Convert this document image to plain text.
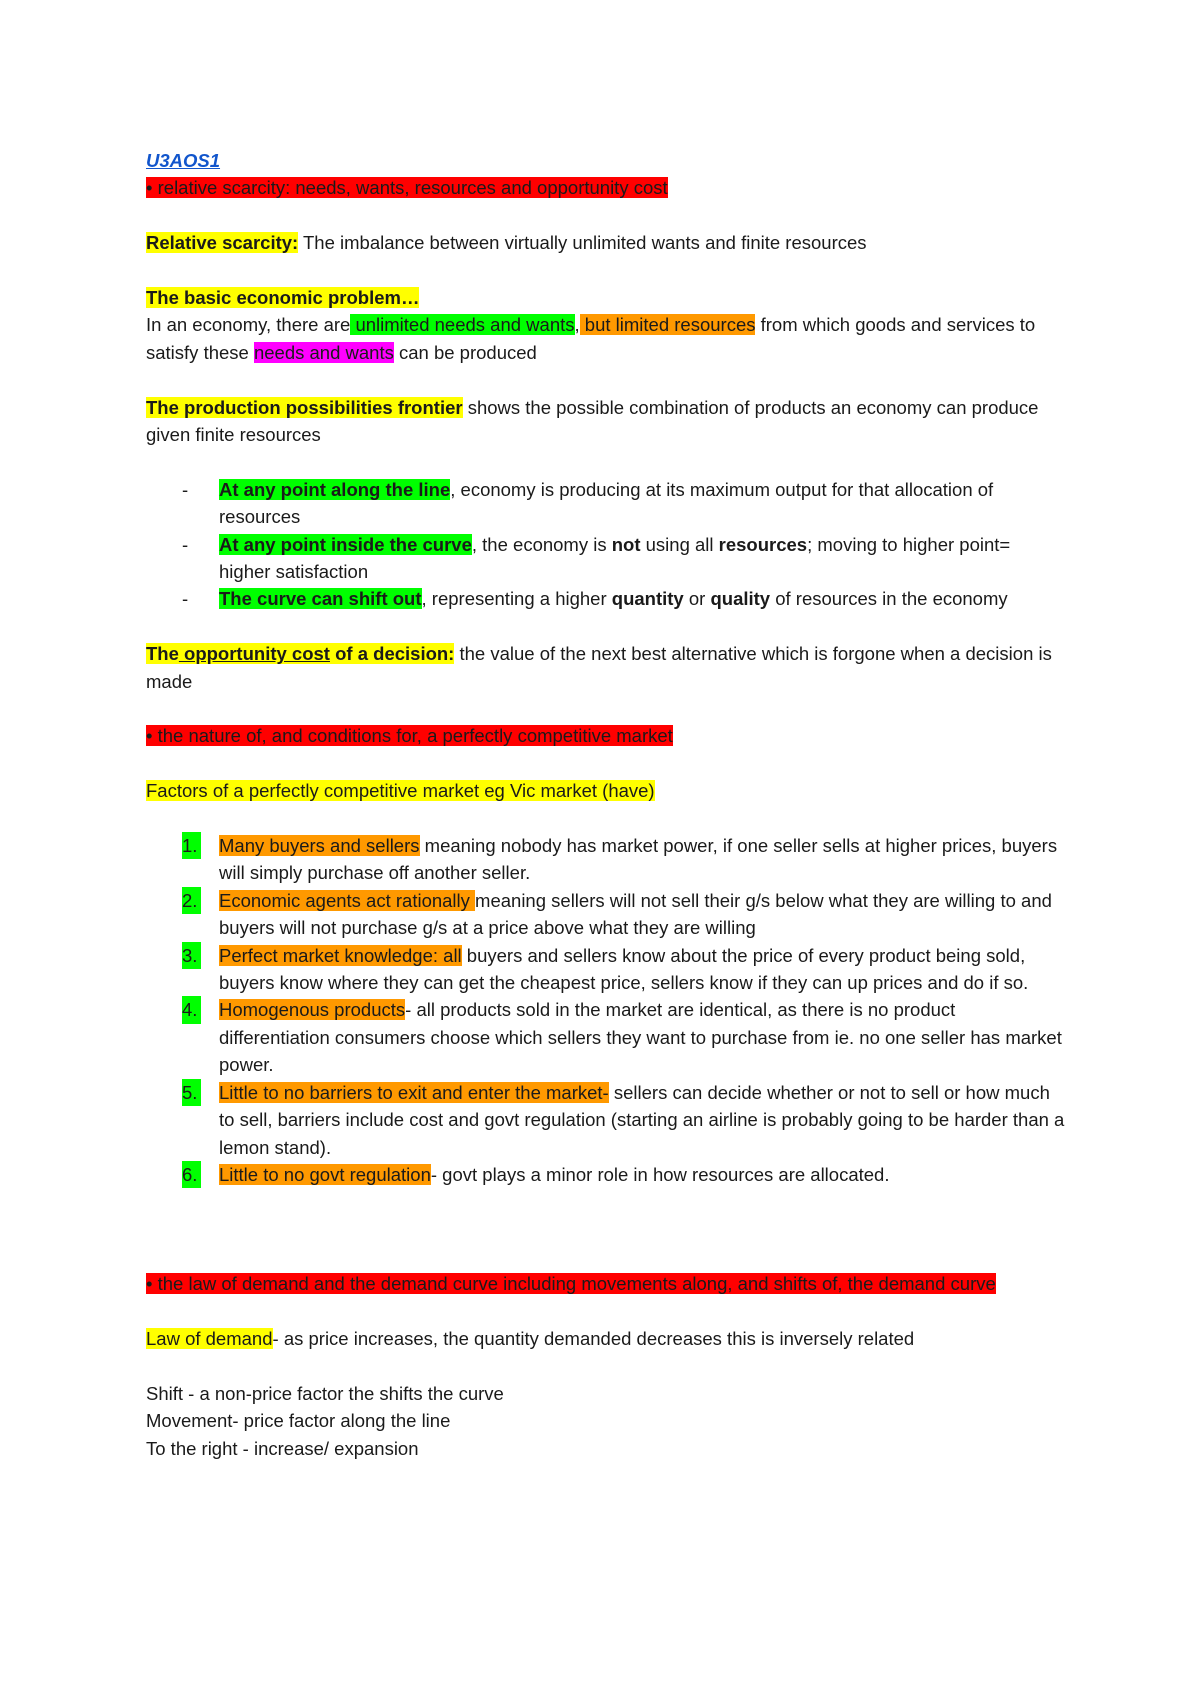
U3AOS1

• relative scarcity: needs, wants, resources and opportunity cost

Relative scarcity: The imbalance between virtually unlimited wants and finite resources

The basic economic problem…

In an economy, there are unlimited needs and wants, but limited resources from which goods and services to satisfy these needs and wants can be produced

The production possibilities frontier shows the possible combination of products an economy can produce given finite resources

- At any point along the line, economy is producing at its maximum output for that allocation of resources
- At any point inside the curve, the economy is not using all resources; moving to higher point= higher satisfaction
- The curve can shift out, representing a higher quantity or quality of resources in the economy

The opportunity cost of a decision: the value of the next best alternative which is forgone when a decision is made

• the nature of, and conditions for, a perfectly competitive market

Factors of a perfectly competitive market eg Vic market (have)

1. Many buyers and sellers meaning nobody has market power, if one seller sells at higher prices, buyers will simply purchase off another seller.
2. Economic agents act rationally meaning sellers will not sell their g/s below what they are willing to and buyers will not purchase g/s at a price above what they are willing
3. Perfect market knowledge: all buyers and sellers know about the price of every product being sold, buyers know where they can get the cheapest price, sellers know if they can up prices and do if so.
4. Homogenous products- all products sold in the market are identical, as there is no product differentiation consumers choose which sellers they want to purchase from ie. no one seller has market power.
5. Little to no barriers to exit and enter the market- sellers can decide whether or not to sell or how much to sell, barriers include cost and govt regulation (starting an airline is probably going to be harder than a lemon stand).
6. Little to no govt regulation- govt plays a minor role in how resources are allocated.

• the law of demand and the demand curve including movements along, and shifts of, the demand curve

Law of demand- as price increases, the quantity demanded decreases this is inversely related

Shift - a non-price factor the shifts the curve

Movement- price factor along the line

To the right - increase/ expansion
